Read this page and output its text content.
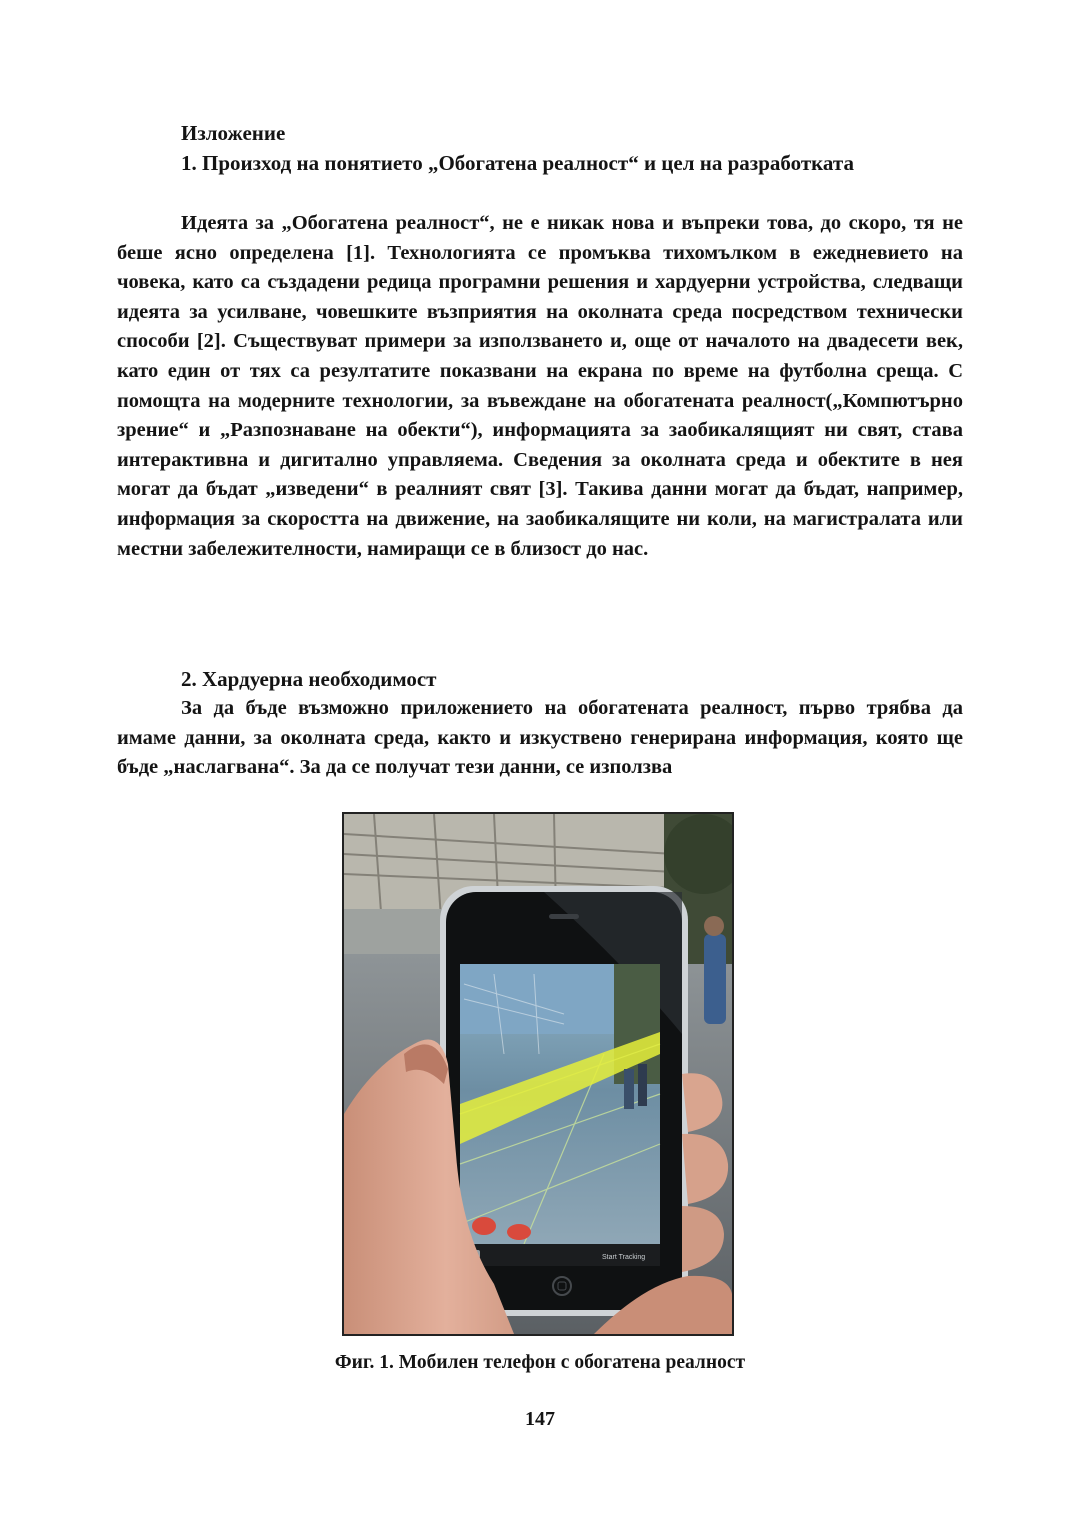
Изложение
1. Произход на понятието „Обогатена реалност“ и цел на разработката
Идеята за „Обогатена реалност“, не е никак нова и въпреки това, до скоро, тя не беше ясно определена [1]. Технологията се промъква тихомълком в ежедневието на човека, като са създадени редица програмни решения и хардуерни устройства, следващи идеята за усилване, човешките възприятия на околната среда посредством технически способи [2]. Съществуват примери за използването и, още от началото на двадесети век, като един от тях са резултатите показвани на екрана по време на футболна среща. С помощта на модерните технологии, за въвеждане на обогатената реалност(„Компютърно зрение“ и „Разпознаване на обекти“), информацията за заобикалящият ни свят, става интерактивна и дигитално управляема. Сведения за околната среда и обектите в нея могат да бъдат „изведени“ в реалният свят [3]. Такива данни могат да бъдат, например, информация за скоростта на движение, на заобикалящите ни коли, на магистралата или местни забележителности, намиращи се в близост до нас.
2. Хардуерна необходимост
За да бъде възможно приложението на обогатената реалност, първо трябва да имаме данни, за околната среда, както и изкуствено генерирана информация, която ще бъде „наслагвана“. За да се получат тези данни, се използва
Start Tracking
Фиг. 1. Мобилен телефон с обогатена реалност
147
